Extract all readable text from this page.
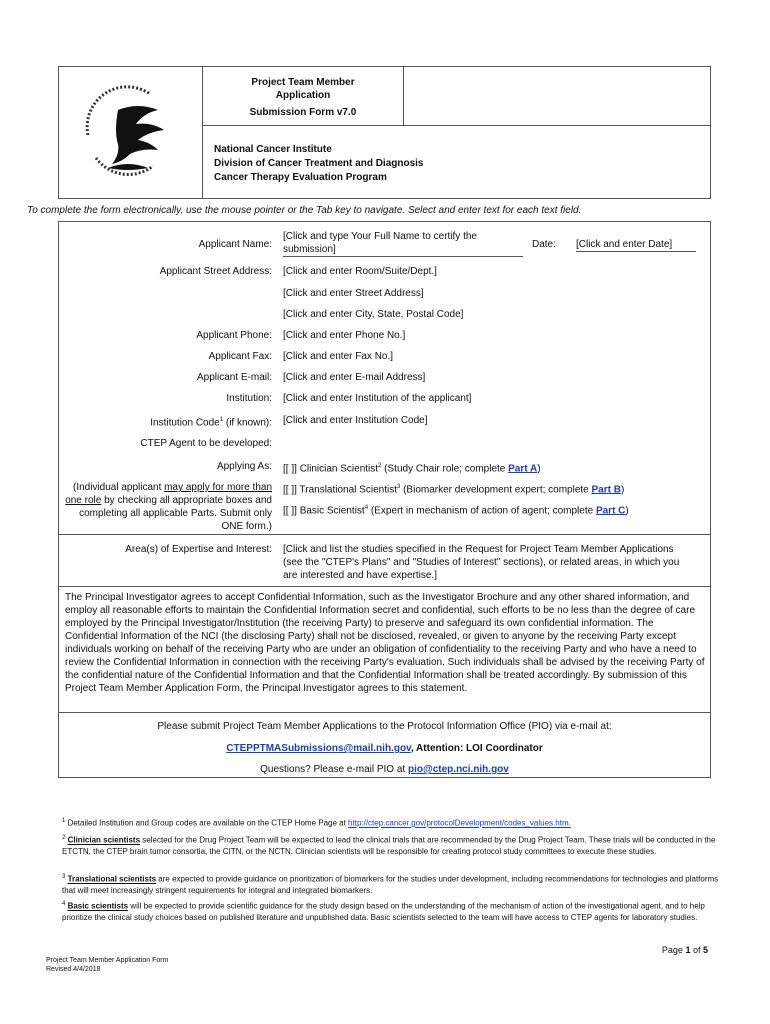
Project Team Member
Application
Submission Form v7.0
National Cancer Institute
Division of Cancer Treatment and Diagnosis
Cancer Therapy Evaluation Program
To complete the form electronically, use the mouse pointer or the Tab key to navigate. Select and enter text for each text field.
Applicant Name:
[Click and type Your Full Name to certify the submission]	Date: [Click and enter Date]
Applicant Street Address: [Click and enter Room/Suite/Dept.]
[Click and enter Street Address]
[Click and enter City, State, Postal Code]
Applicant Phone: [Click and enter Phone No.]
Applicant Fax: [Click and enter Fax No.]
Applicant E-mail: [Click and enter E-mail Address]
Institution: [Click and enter Institution of the applicant]
Institution Code$^1$ (if known): [Click and enter Institution Code]
CTEP Agent to be developed:
Applying As: [[ ]] Clinician Scientist$^2$ (Study Chair role; complete Part A)
(Individual applicant may apply for more than one role by checking all appropriate boxes and completing all applicable Parts. Submit only ONE form.)
[[ ]] Translational Scientist$^3$ (Biomarker development expert; complete Part B)
[[ ]] Basic Scientist$^4$ (Expert in mechanism of action of agent; complete Part C)
Area(s) of Expertise and Interest: [Click and list the studies specified in the Request for Project Team Member Applications (see the "CTEP's Plans" and "Studies of Interest" sections), or related areas, in which you are interested and have expertise.]
The Principal Investigator agrees to accept Confidential Information, such as the Investigator Brochure and any other shared information, and employ all reasonable efforts to maintain the Confidential Information secret and confidential, such efforts to be no less than the degree of care employed by the Principal Investigator/Institution (the receiving Party) to preserve and safeguard its own confidential information. The Confidential Information of the NCI (the disclosing Party) shall not be disclosed, revealed, or given to anyone by the receiving Party except individuals working on behalf of the receiving Party who are under an obligation of confidentiality to the receiving Party and who have a need to review the Confidential Information in connection with the receiving Party's evaluation. Such individuals shall be advised by the receiving Party of the confidential nature of the Confidential Information and that the Confidential Information shall be treated accordingly. By submission of this Project Team Member Application Form, the Principal Investigator agrees to this statement.
Please submit Project Team Member Applications to the Protocol Information Office (PIO) via e-mail at:
CTEPPTMASubmissions@mail.nih.gov, Attention: LOI Coordinator
Questions? Please e-mail PIO at pio@ctep.nci.nih.gov
$^1$ Detailed Institution and Group codes are available on the CTEP Home Page at http://ctep.cancer.gov/protocolDevelopment/codes_values.htm.
$^2$ Clinician scientists selected for the Drug Project Team will be expected to lead the clinical trials that are recommended by the Drug Project Team. These trials will be conducted in the ETCTN, the CTEP brain tumor consortia, the CITN, or the NCTN. Clinician scientists will be responsible for creating protocol study committees to execute these studies.
$^3$ Translational scientists are expected to provide guidance on prioritization of biomarkers for the studies under development, including recommendations for technologies and platforms that will meet increasingly stringent requirements for integral and integrated biomarkers.
$^4$ Basic scientists will be expected to provide scientific guidance for the study design based on the understanding of the mechanism of action of the investigational agent, and to help prioritize the clinical study choices based on published literature and unpublished data. Basic scientists selected to the team will have access to CTEP agents for laboratory studies.
Page 1 of 5
Project Team Member Application Form
Revised 4/4/2018
